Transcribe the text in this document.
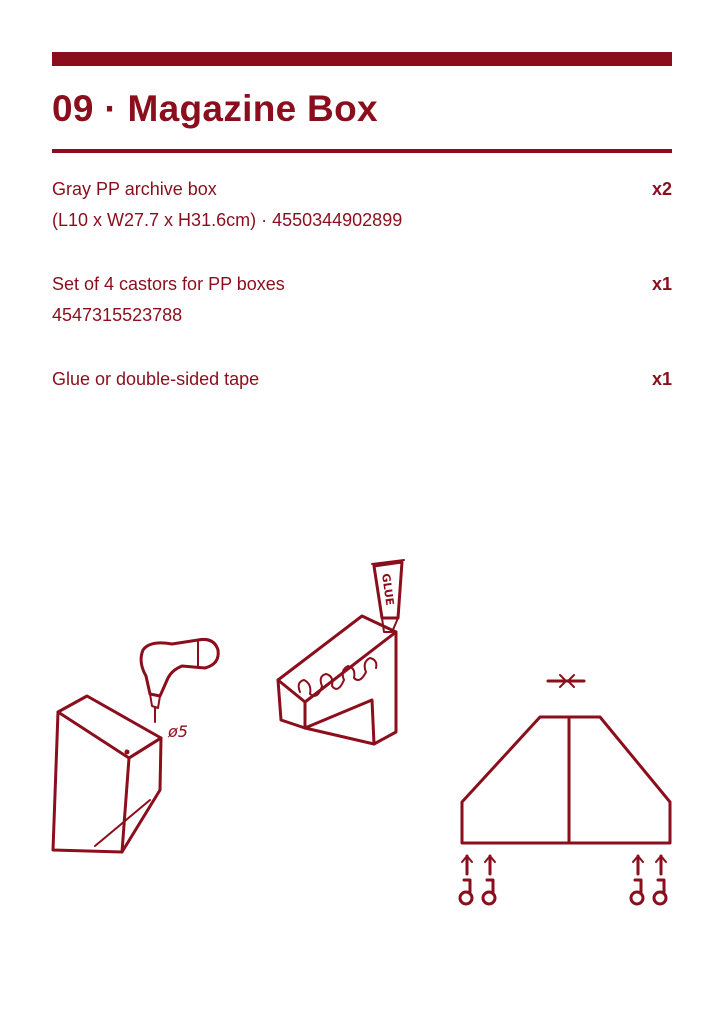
09 · Magazine Box
Gray PP archive box	x2
(L10 x W27.7 x H31.6cm) · 4550344902899
Set of 4 castors for PP boxes	x1
4547315523788
Glue or double-sided tape	x1
ø5
GLUE
